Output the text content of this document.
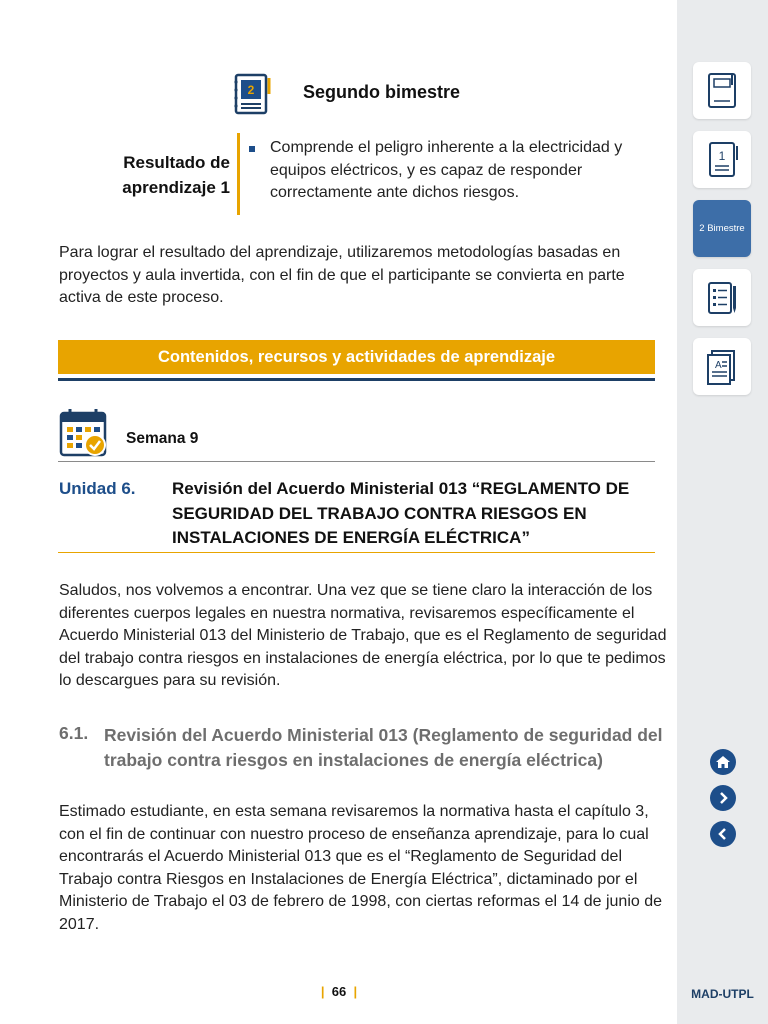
2	Segundo bimestre
Resultado de
aprendizaje 1
Comprende el peligro inherente a la electricidad y equipos eléctricos, y es capaz de responder correctamente ante dichos riesgos.

Para lograr el resultado del aprendizaje, utilizaremos metodologías basadas en proyectos y aula invertida, con el fin de que el participante se convierta en parte activa de este proceso.

Contenidos, recursos y actividades de aprendizaje
Semana 9
Unidad 6. Revisión del Acuerdo Ministerial 013 “REGLAMENTO DE SEGURIDAD DEL TRABAJO CONTRA RIESGOS EN INSTALACIONES DE ENERGÍA ELÉCTRICA”

Saludos, nos volvemos a encontrar. Una vez que se tiene claro la interacción de los diferentes cuerpos legales en nuestra normativa, revisaremos específicamente el Acuerdo Ministerial 013 del Ministerio de Trabajo, que es el Reglamento de seguridad del trabajo contra riesgos en instalaciones de energía eléctrica, por lo que te pedimos lo descargues para su revisión.

6.1. Revisión del Acuerdo Ministerial 013 (Reglamento de seguridad del trabajo contra riesgos en instalaciones de energía eléctrica)

Estimado estudiante, en esta semana revisaremos la normativa hasta el capítulo 3, con el fin de continuar con nuestro proceso de enseñanza aprendizaje, para lo cual encontrarás el Acuerdo Ministerial 013 que es el “Reglamento de Seguridad del Trabajo contra Riesgos en Instalaciones de Energía Eléctrica”, dictaminado por el Ministerio de Trabajo el 03 de febrero de 1998, con ciertas reformas el 14 de junio de 2017.

| 66 |
1
2 Bimestre
A
MAD-UTPL
